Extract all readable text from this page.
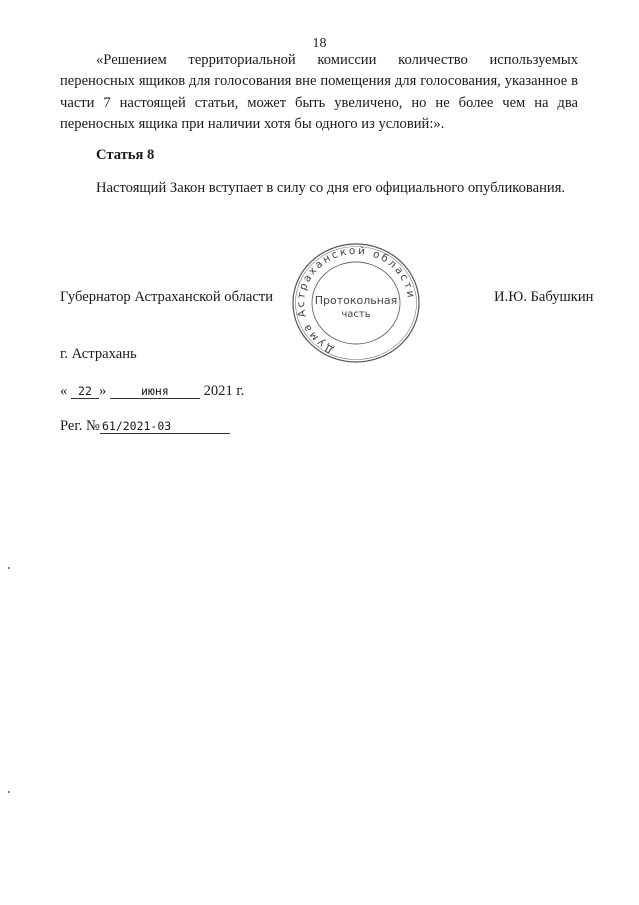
18

«Решением территориальной комиссии количество используемых переносных ящиков для голосования вне помещения для голосования, указанное в части 7 настоящей статьи, может быть увеличено, но не более чем на два переносных ящика при наличии хотя бы одного из условий:».

Статья 8
Настоящий Закон вступает в силу со дня его официального опубликования.
Губернатор Астраханской области
Дума Астраханской области
Протокольная
часть
И.Ю. Бабушкин
г. Астрахань
« 22 »	июня 2021 г.
Рег. № 61/2021-03
